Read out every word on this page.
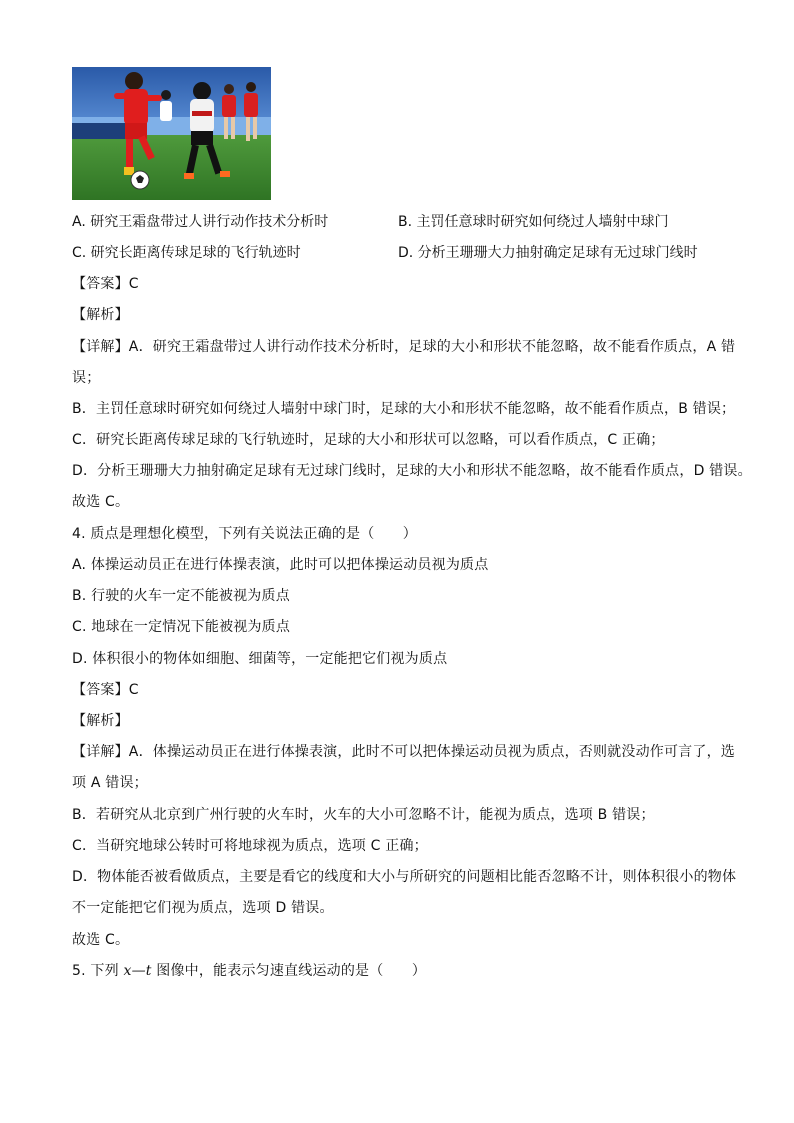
A. 研究王霜盘带过人讲行动作技术分析时	B. 主罚任意球时研究如何绕过人墙射中球门
C. 研究长距离传球足球的飞行轨迹时	D. 分析王珊珊大力抽射确定足球有无过球门线时
【答案】C
【解析】
【详解】A．研究王霜盘带过人讲行动作技术分析时，足球的大小和形状不能忽略，故不能看作质点，A 错
误；
B．主罚任意球时研究如何绕过人墙射中球门时，足球的大小和形状不能忽略，故不能看作质点，B 错误；
C．研究长距离传球足球的飞行轨迹时，足球的大小和形状可以忽略，可以看作质点，C 正确；
D．分析王珊珊大力抽射确定足球有无过球门线时，足球的大小和形状不能忽略，故不能看作质点，D 错误。
故选 C。
4. 质点是理想化模型，下列有关说法正确的是（　　）
A. 体操运动员正在进行体操表演，此时可以把体操运动员视为质点
B. 行驶的火车一定不能被视为质点
C. 地球在一定情况下能被视为质点
D. 体积很小的物体如细胞、细菌等，一定能把它们视为质点
【答案】C
【解析】
【详解】A．体操运动员正在进行体操表演，此时不可以把体操运动员视为质点，否则就没动作可言了，选
项 A 错误；
B．若研究从北京到广州行驶的火车时，火车的大小可忽略不计，能视为质点，选项 B 错误；
C．当研究地球公转时可将地球视为质点，选项 C 正确；
D．物体能否被看做质点，主要是看它的线度和大小与所研究的问题相比能否忽略不计，则体积很小的物体
不一定能把它们视为质点，选项 D 错误。
故选 C。
5. 下列 x—t 图像中，能表示匀速直线运动的是（　　）
